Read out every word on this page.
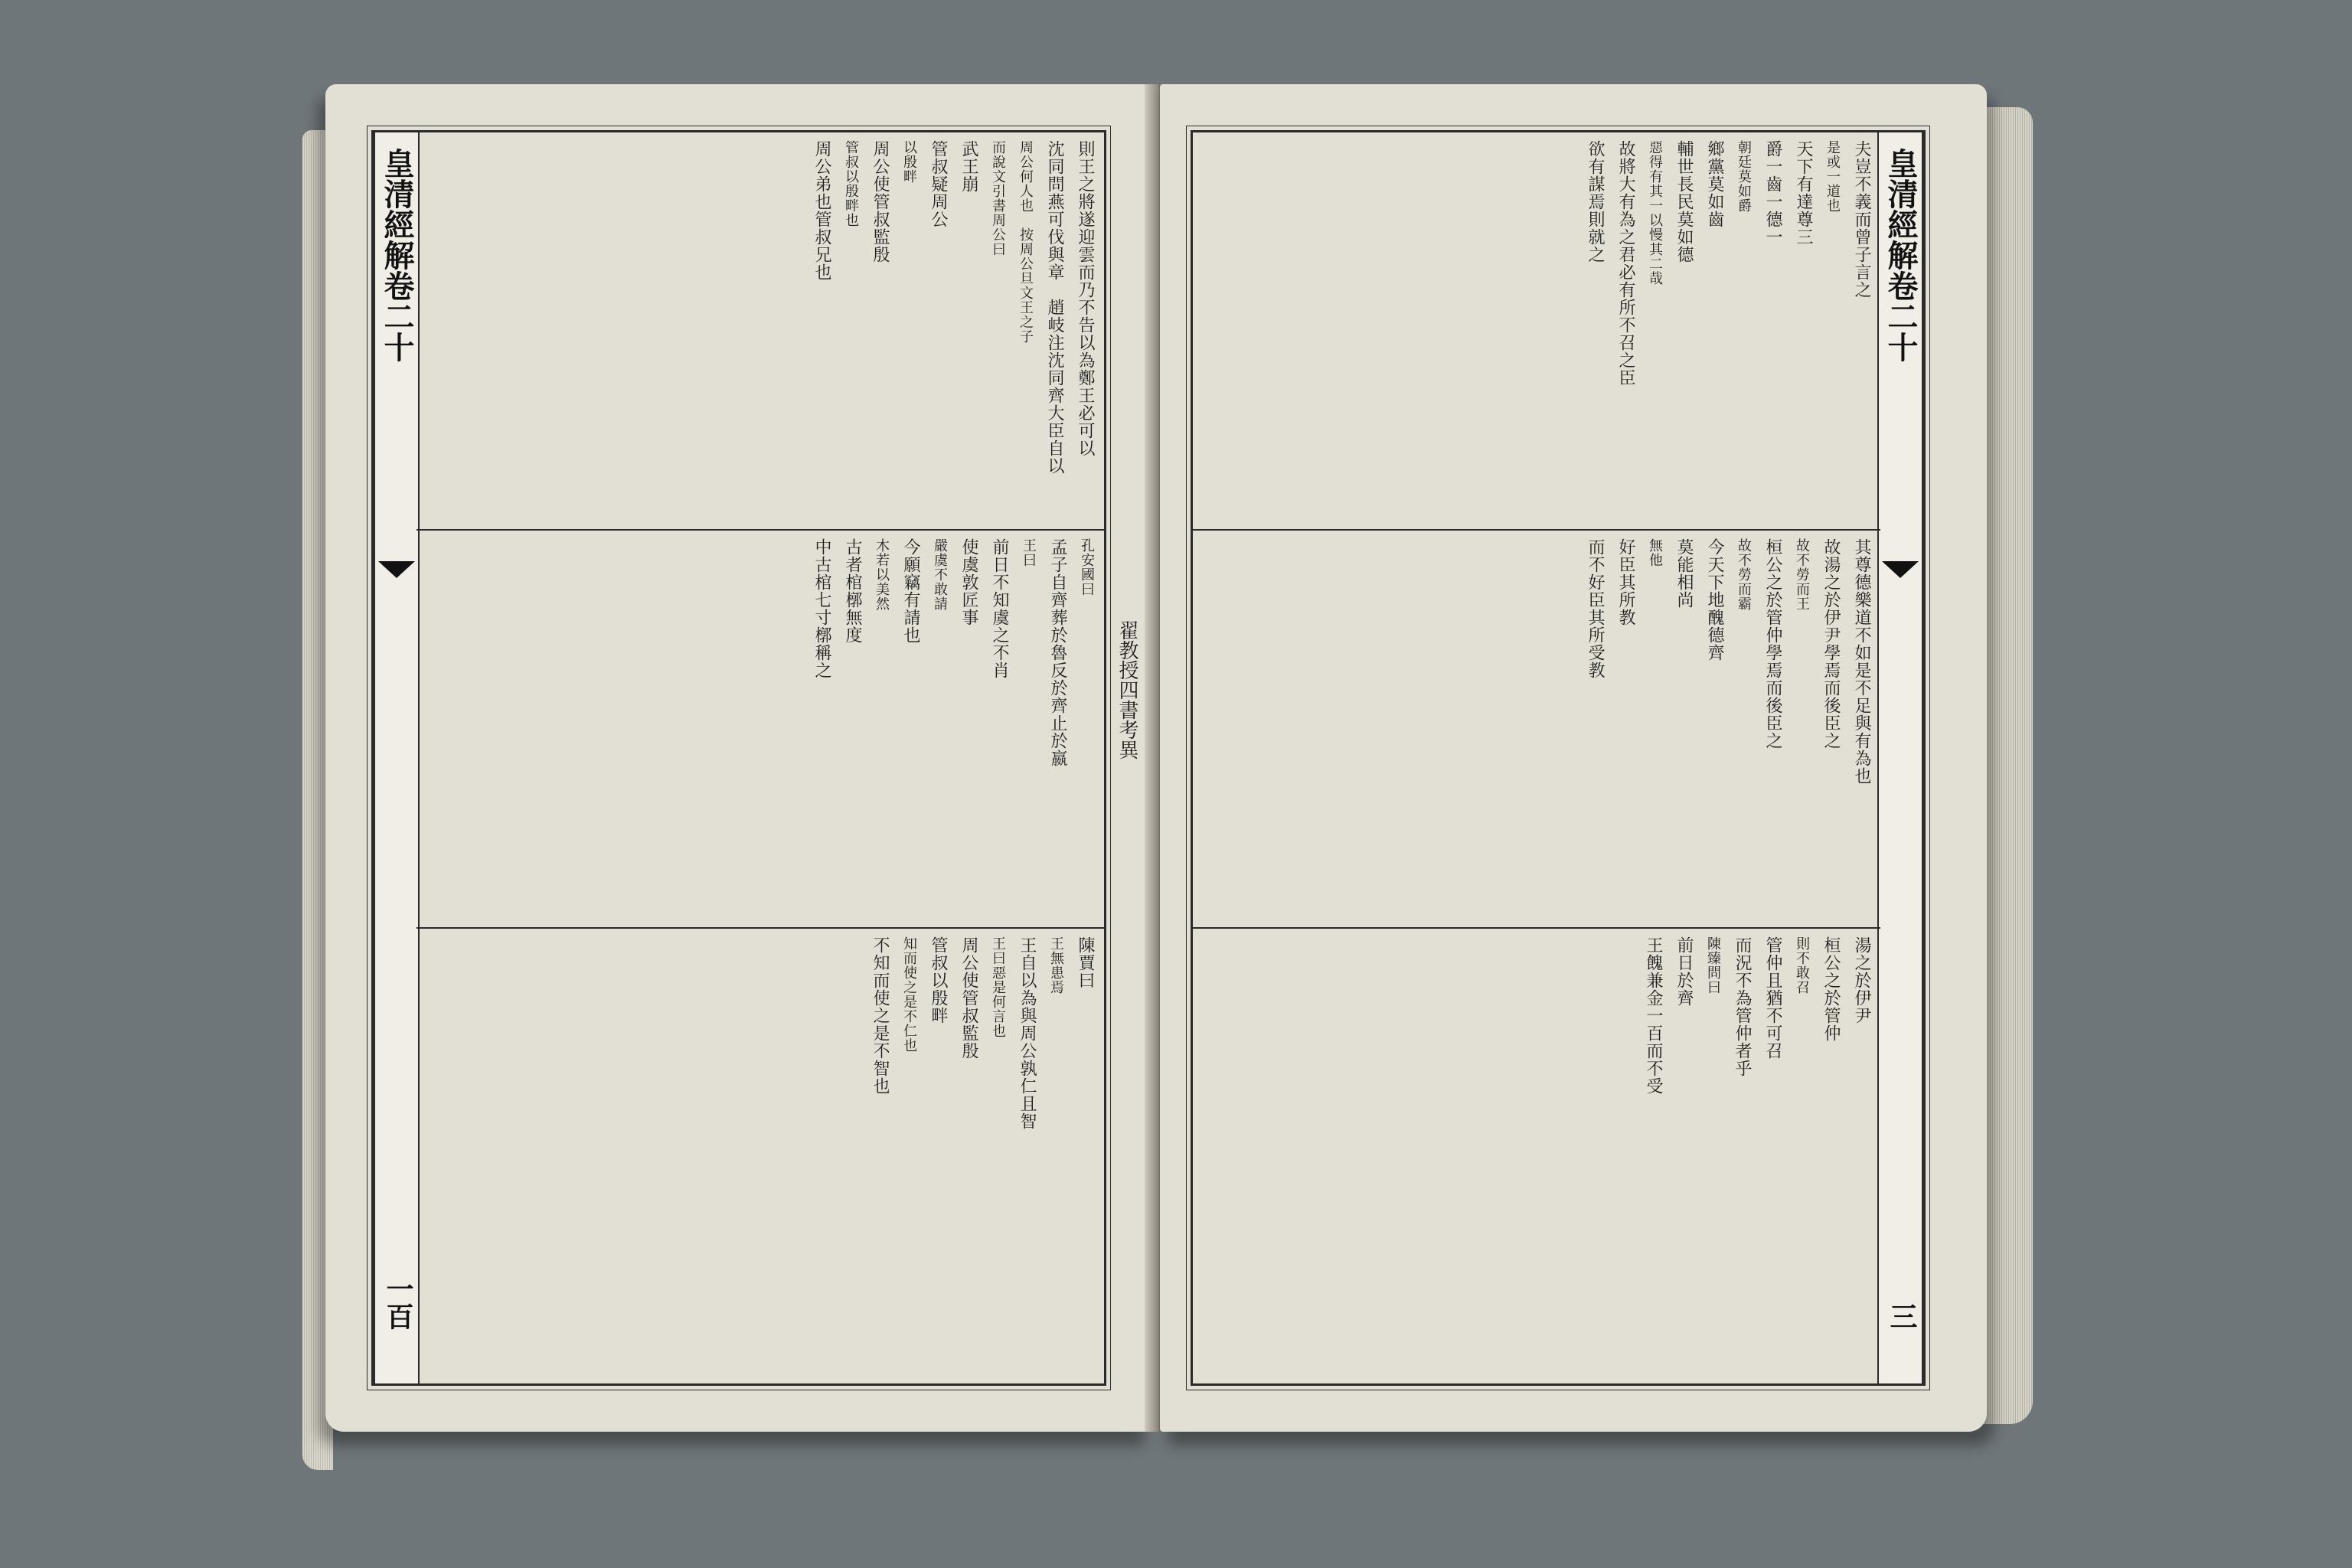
皇清經解卷二十
一百
則王之將遂迎雲而乃不告以為鄭王必可以
沈同問燕可伐與章　趙岐注沈同齊大臣自以
周公何人也　按周公旦文王之子
而說文引書周公曰
武王崩
管叔疑周公
以殷畔
周公使管叔監殷
管叔以殷畔也
周公弟也管叔兄也
孔安國曰
孟子自齊葬於魯反於齊止於嬴
王曰
前日不知虞之不肖
使虞敦匠事
嚴虞不敢請
今願竊有請也
木若以美然
古者棺槨無度
中古棺七寸槨稱之
陳賈曰
王無患焉
王自以為與周公孰仁且智
王曰惡是何言也
周公使管叔監殷
管叔以殷畔
知而使之是不仁也
不知而使之是不智也
翟教授四書考異
皇清經解卷二十
三
夫豈不義而曾子言之
是或一道也
天下有達尊三
爵一齒一德一
朝廷莫如爵
鄉黨莫如齒
輔世長民莫如德
惡得有其一以慢其二哉
故將大有為之君必有所不召之臣
欲有謀焉則就之
其尊德樂道不如是不足與有為也
故湯之於伊尹學焉而後臣之
故不勞而王
桓公之於管仲學焉而後臣之
故不勞而霸
今天下地醜德齊
莫能相尚
無他
好臣其所教
而不好臣其所受教
湯之於伊尹
桓公之於管仲
則不敢召
管仲且猶不可召
而況不為管仲者乎
陳臻問曰
前日於齊
王餽兼金一百而不受
